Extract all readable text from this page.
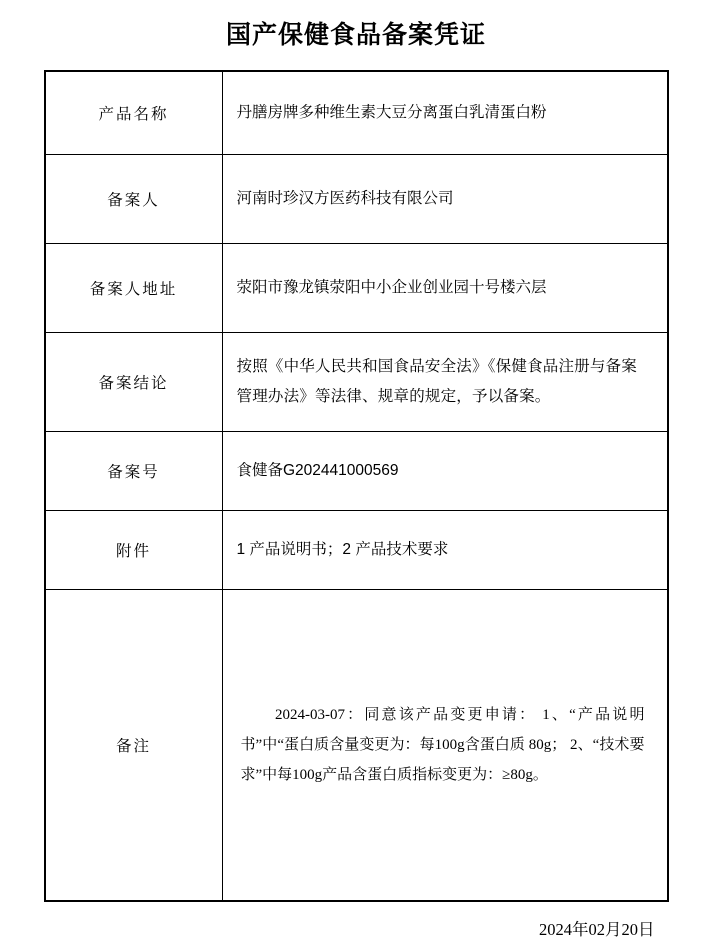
国产保健食品备案凭证
产品名称	丹膳房牌多种维生素大豆分离蛋白乳清蛋白粉
备案人	河南时珍汉方医药科技有限公司
备案人地址	荥阳市豫龙镇荥阳中小企业创业园十号楼六层
备案结论	按照《中华人民共和国食品安全法》《保健食品注册与备案管理办法》等法律、规章的规定，予以备案。
备案号	食健备G202441000569
附件	1 产品说明书；2 产品技术要求
备注	2024-03-07：同意该产品变更申请： 1、“产品说明书”中“蛋白质含量变更为：每100g含蛋白质 80g； 2、“技术要求”中每100g产品含蛋白质指标变更为：≥80g。
2024年02月20日
